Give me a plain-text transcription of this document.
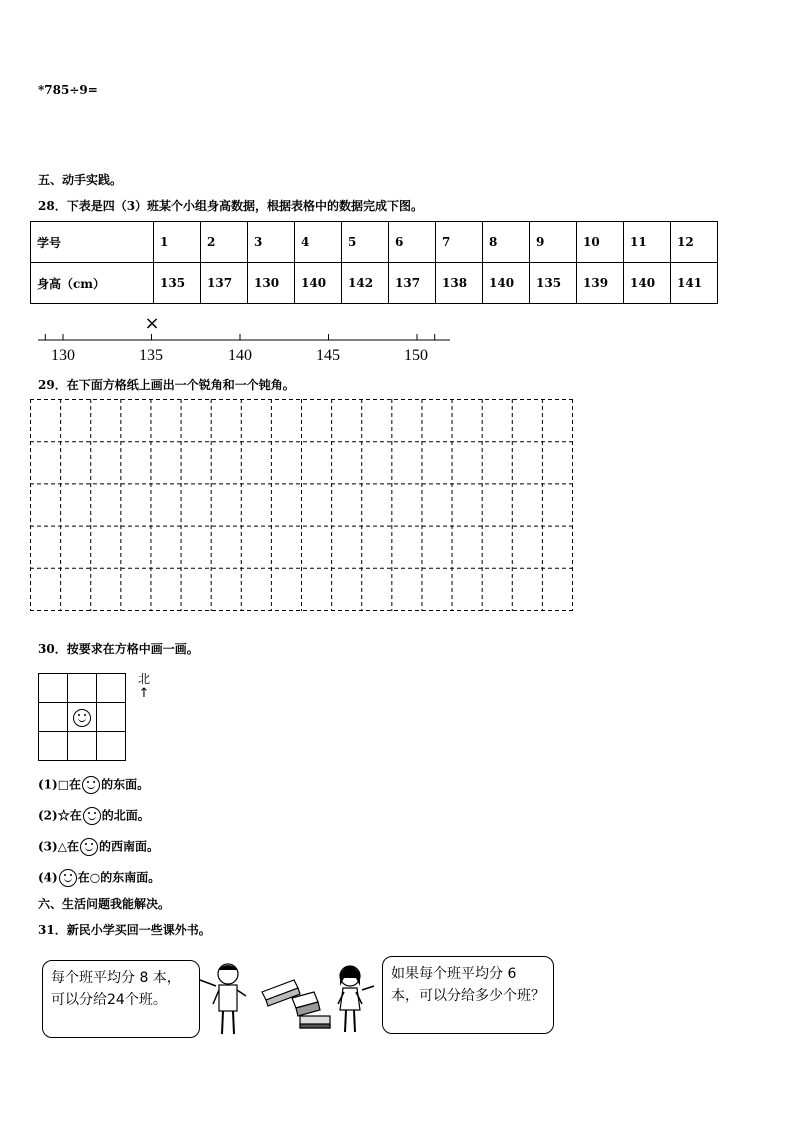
*785÷9=
五、动手实践。
28．下表是四（3）班某个小组身高数据，根据表格中的数据完成下图。
学号	1	2	3	4	5	6	7	8	9	10	11	12
身高（cm）	135	137	130	140	142	137	138	140	135	139	140	141
130	135	140	145	150
×
29．在下面方格纸上画出一个锐角和一个钝角。
30．按要求在方格中画一画。

北
↑
(1)□在 的东面。
(2)☆在 的北面。
(3)△在 的西南面。
(4) 在○的东南面。
六、生活问题我能解决。
31．新民小学买回一些课外书。
每个班平均分 8 本，可以分给24个班。
如果每个班平均分 6 本，可以分给多少个班？
